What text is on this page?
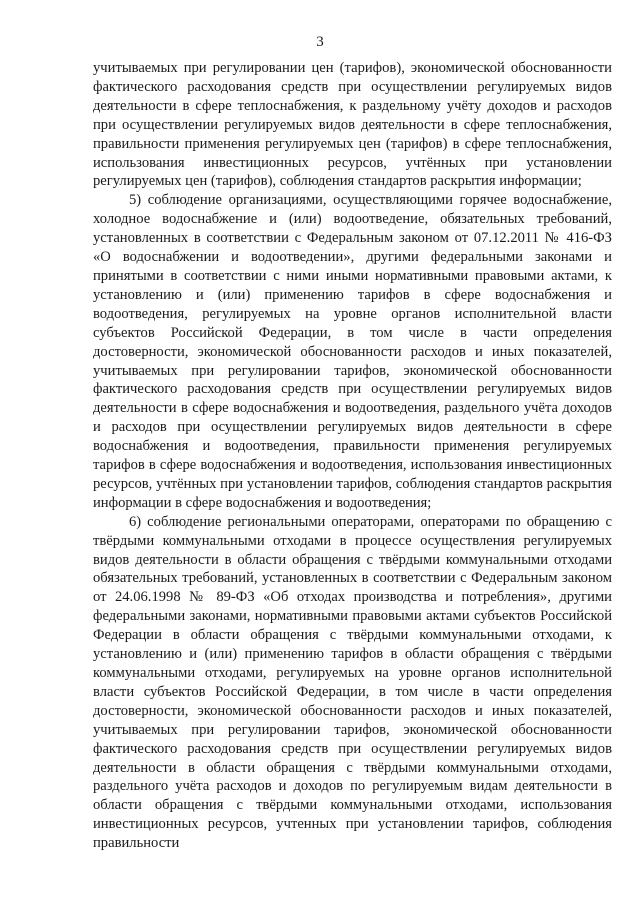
3

учитываемых при регулировании цен (тарифов), экономической обоснованности фактического расходования средств при осуществлении регулируемых видов деятельности в сфере теплоснабжения, к раздельному учёту доходов и расходов при осуществлении регулируемых видов деятельности в сфере теплоснабжения, правильности применения регулируемых цен (тарифов) в сфере теплоснабжения, использования инвестиционных ресурсов, учтённых при установлении регулируемых цен (тарифов), соблюдения стандартов раскрытия информации;

5) соблюдение организациями, осуществляющими горячее водоснабжение, холодное водоснабжение и (или) водоотведение, обязательных требований, установленных в соответствии с Федеральным законом от 07.12.2011 № 416-ФЗ «О водоснабжении и водоотведении», другими федеральными законами и принятыми в соответствии с ними иными нормативными правовыми актами, к установлению и (или) применению тарифов в сфере водоснабжения и водоотведения, регулируемых на уровне органов исполнительной власти субъектов Российской Федерации, в том числе в части определения достоверности, экономической обоснованности расходов и иных показателей, учитываемых при регулировании тарифов, экономической обоснованности фактического расходования средств при осуществлении регулируемых видов деятельности в сфере водоснабжения и водоотведения, раздельного учёта доходов и расходов при осуществлении регулируемых видов деятельности в сфере водоснабжения и водоотведения, правильности применения регулируемых тарифов в сфере водоснабжения и водоотведения, использования инвестиционных ресурсов, учтённых при установлении тарифов, соблюдения стандартов раскрытия информации в сфере водоснабжения и водоотведения;

6) соблюдение региональными операторами, операторами по обращению с твёрдыми коммунальными отходами в процессе осуществления регулируемых видов деятельности в области обращения с твёрдыми коммунальными отходами обязательных требований, установленных в соответствии с Федеральным законом от 24.06.1998 № 89-ФЗ «Об отходах производства и потребления», другими федеральными законами, нормативными правовыми актами субъектов Российской Федерации в области обращения с твёрдыми коммунальными отходами, к установлению и (или) применению тарифов в области обращения с твёрдыми коммунальными отходами, регулируемых на уровне органов исполнительной власти субъектов Российской Федерации, в том числе в части определения достоверности, экономической обоснованности расходов и иных показателей, учитываемых при регулировании тарифов, экономической обоснованности фактического расходования средств при осуществлении регулируемых видов деятельности в области обращения с твёрдыми коммунальными отходами, раздельного учёта расходов и доходов по регулируемым видам деятельности в области обращения с твёрдыми коммунальными отходами, использования инвестиционных ресурсов, учтенных при установлении тарифов, соблюдения правильности
